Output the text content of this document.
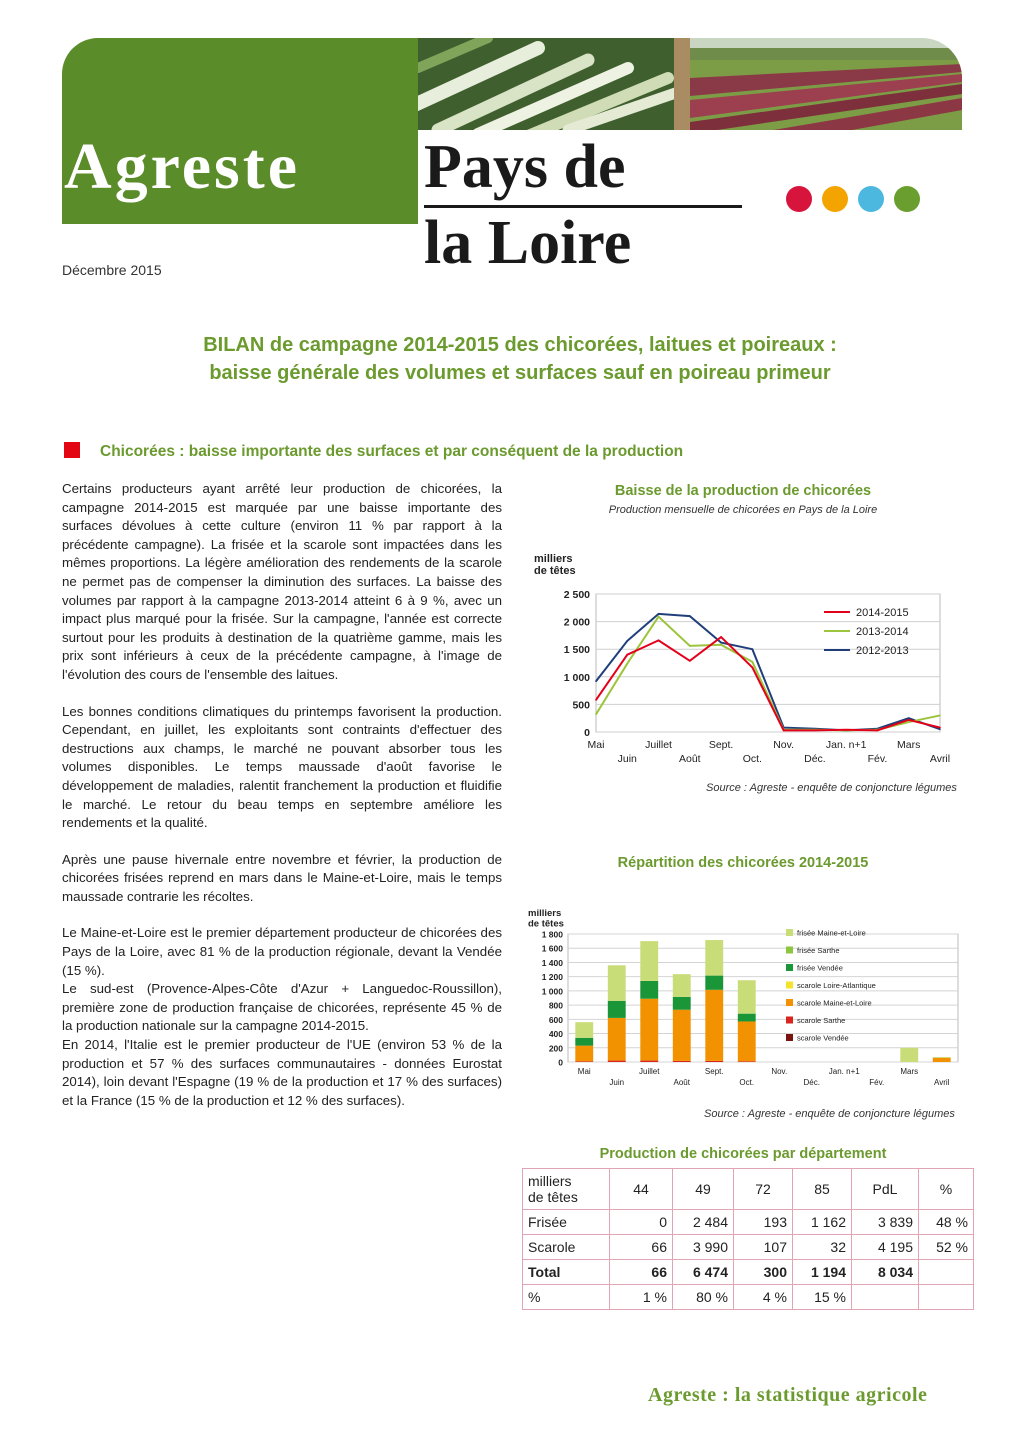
Agreste Pays de
la Loire
Décembre 2015
BILAN de campagne 2014-2015 des chicorées, laitues et poireaux :
baisse générale des volumes et surfaces sauf en poireau primeur
Chicorées : baisse importante des surfaces et par conséquent de la production

Certains producteurs ayant arrêté leur production de chicorées, la campagne 2014-2015 est marquée par une baisse importante des surfaces dévolues à cette culture (environ 11 % par rapport à la précédente campagne). La frisée et la scarole sont impactées dans les mêmes proportions. La légère amélioration des rendements de la scarole ne permet pas de compenser la diminution des surfaces. La baisse des volumes par rapport à la campagne 2013-2014 atteint 6 à 9 %, avec un impact plus marqué pour la frisée. Sur la campagne, l'année est correcte surtout pour les produits à destination de la quatrième gamme, mais les prix sont inférieurs à ceux de la précédente campagne, à l'image de l'évolution des cours de l'ensemble des laitues.

Les bonnes conditions climatiques du printemps favorisent la production. Cependant, en juillet, les exploitants sont contraints d'effectuer des destructions aux champs, le marché ne pouvant absorber tous les volumes disponibles. Le temps maussade d'août favorise le développement de maladies, ralentit franchement la production et fluidifie le marché. Le retour du beau temps en septembre améliore les rendements et la qualité.

Après une pause hivernale entre novembre et février, la production de chicorées frisées reprend en mars dans le Maine-et-Loire, mais le temps maussade contrarie les récoltes.

Le Maine-et-Loire est le premier département producteur de chicorées des Pays de la Loire, avec 81 % de la production régionale, devant la Vendée (15 %).

Le sud-est (Provence-Alpes-Côte d'Azur + Languedoc-Roussillon), première zone de production française de chicorées, représente 45 % de la production nationale sur la campagne 2014-2015.

En 2014, l'Italie est le premier producteur de l'UE (environ 53 % de la production et 57 % des surfaces communautaires - données Eurostat 2014), loin devant l'Espagne (19 % de la production et 17 % des surfaces) et la France (15 % de la production et 12 % des surfaces).

Baisse de la production de chicorées
Production mensuelle de chicorées en Pays de la Loire
milliers de têtes
0
500
1 000
1 500
2 000
2 500
Mai
Juin
Juillet
Août
Sept.
Oct.
Nov.
Déc.
Jan. n+1
Fév.
Mars
Avril
2014-2015
2013-2014
2012-2013
Source : Agreste - enquête de conjoncture légumes
Répartition des chicorées 2014-2015
milliers de têtes
0
200
400
600
800
1 000
1 200
1 400
1 600
1 800
Mai
Juin
Juillet
Août
Sept.
Oct.
Nov.
Déc.
Jan. n+1
Fév.
Mars
Avril
frisée Maine-et-Loire
frisée Sarthe
frisée Vendée
scarole Loire-Atlantique
scarole Maine-et-Loire
scarole Sarthe
scarole Vendée
Source : Agreste - enquête de conjoncture légumes
Production de chicorées par département
milliers
de têtes	44	49	72	85	PdL	%
Frisée	0	2 484	193	1 162	3 839	48 %
Scarole	66	3 990	107	32	4 195	52 %
Total	66	6 474	300	1 194	8 034	
%	1 %	80 %	4 %	15 %		
Agreste : la statistique agricole
